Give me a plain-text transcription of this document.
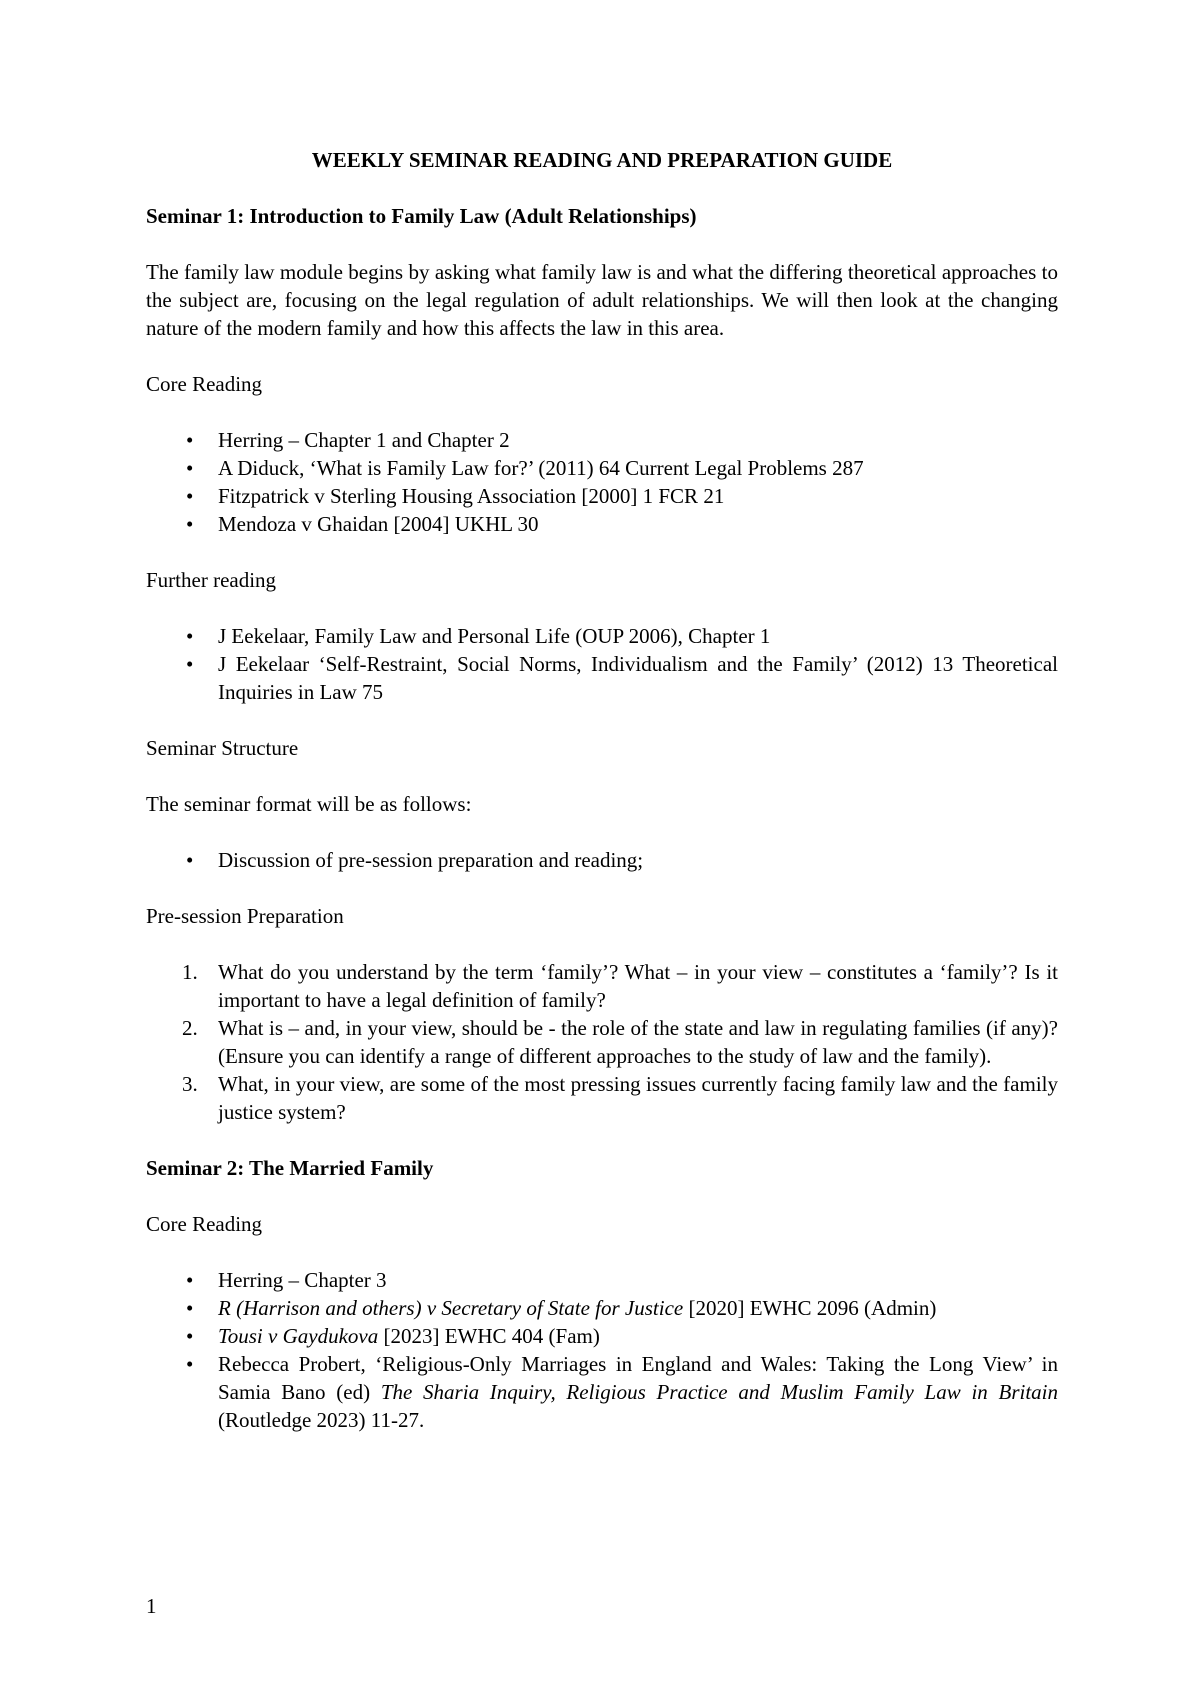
WEEKLY SEMINAR READING AND PREPARATION GUIDE
Seminar 1: Introduction to Family Law (Adult Relationships)

The family law module begins by asking what family law is and what the differing theoretical approaches to the subject are, focusing on the legal regulation of adult relationships. We will then look at the changing nature of the modern family and how this affects the law in this area.

Core Reading

• Herring – Chapter 1 and Chapter 2
• A Diduck, ‘What is Family Law for?’ (2011) 64 Current Legal Problems 287
• Fitzpatrick v Sterling Housing Association [2000] 1 FCR 21
• Mendoza v Ghaidan [2004] UKHL 30

Further reading

• J Eekelaar, Family Law and Personal Life (OUP 2006), Chapter 1
• J Eekelaar ‘Self-Restraint, Social Norms, Individualism and the Family’ (2012) 13 Theoretical Inquiries in Law 75

Seminar Structure

The seminar format will be as follows:

• Discussion of pre-session preparation and reading;

Pre-session Preparation

1. What do you understand by the term ‘family’? What – in your view – constitutes a ‘family’? Is it important to have a legal definition of family?
2. What is – and, in your view, should be - the role of the state and law in regulating families (if any)? (Ensure you can identify a range of different approaches to the study of law and the family).
3. What, in your view, are some of the most pressing issues currently facing family law and the family justice system?
Seminar 2: The Married Family

Core Reading

• Herring – Chapter 3
• R (Harrison and others) v Secretary of State for Justice [2020] EWHC 2096 (Admin)
• Tousi v Gaydukova [2023] EWHC 404 (Fam)
• Rebecca Probert, ‘Religious-Only Marriages in England and Wales: Taking the Long View’ in Samia Bano (ed) The Sharia Inquiry, Religious Practice and Muslim Family Law in Britain (Routledge 2023) 11-27.
1
